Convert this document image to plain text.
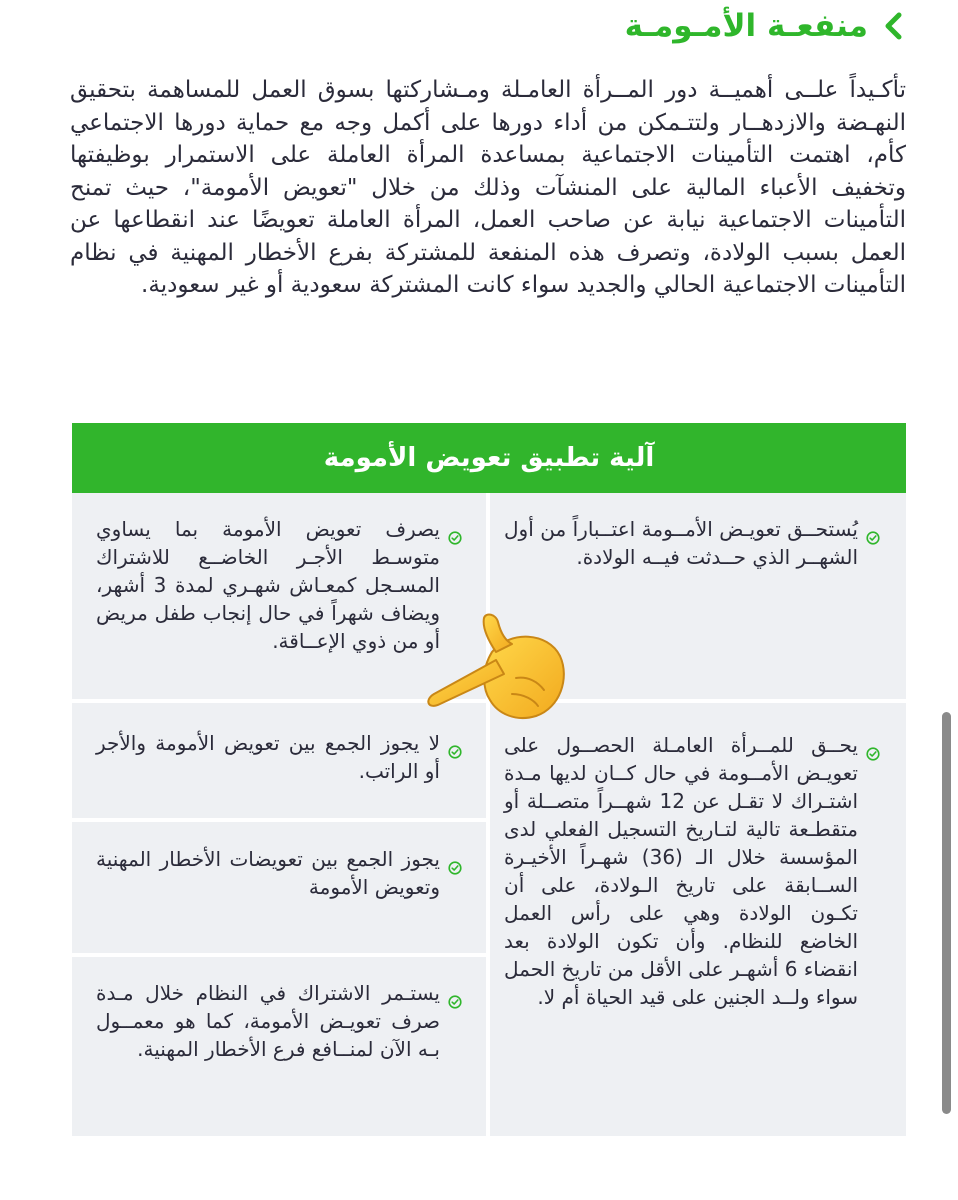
منفعـة الأمـومـة

تأكـيداً علــى أهميــة دور المــرأة العامـلة ومـشاركتها بسوق العمل للمساهمة بتحقيق النهـضة والازدهــار ولتتـمكن من أداء دورها على أكمل وجه مع حماية دورها الاجتماعي كأم، اهتمت التأمينات الاجتماعية بمساعدة المرأة العاملة على الاستمرار بوظيفتها وتخفيف الأعباء المالية على المنشآت وذلك من خلال "تعويض الأمومة"، حيث تمنح التأمينات الاجتماعية نيابة عن صاحب العمل، المرأة العاملة تعويضًا عند انقطاعها عن العمل بسبب الولادة، وتصرف هذه المنفعة للمشتركة بفرع الأخطار المهنية في نظام التأمينات الاجتماعية الحالي والجديد سواء كانت المشتركة سعودية أو غير سعودية.

آلية تطبيق تعويض الأمومة
يُستحــق تعويـض الأمــومة اعتــباراً من أول الشهــر الذي حــدثت فيــه الولادة.
يحــق للمــرأة العامـلة الحصــول على تعويـض الأمــومة في حال كــان لديها مـدة اشتـراك لا تقـل عن 12 شهــراً متصــلة أو متقطـعة تالية لتـاريخ التسجيل الفعلي لدى المؤسسة خلال الـ (36) شهـراً الأخيـرة الســابقة على تاريخ الـولادة، على أن تكـون الولادة وهي على رأس العمل الخاضع للنظام. وأن تكون الولادة بعد انقضاء 6 أشهـر على الأقل من تاريخ الحمل سواء ولــد الجنين على قيد الحياة أم لا.
يصرف تعويض الأمومة بما يساوي متوسـط الأجـر الخاضــع للاشتراك المسـجل كمعـاش شهـري لمدة 3 أشهر، ويضاف شهراً في حال إنجاب طفل مريض أو من ذوي الإعــاقة.
لا يجوز الجمع بين تعويض الأمومة والأجر أو الراتب.
يجوز الجمع بين تعويضات الأخطار المهنية وتعويض الأمومة
يستـمر الاشتراك في النظام خلال مـدة صرف تعويـض الأمومة، كما هو معمــول بـه الآن لمنــافع فرع الأخطار المهنية.
